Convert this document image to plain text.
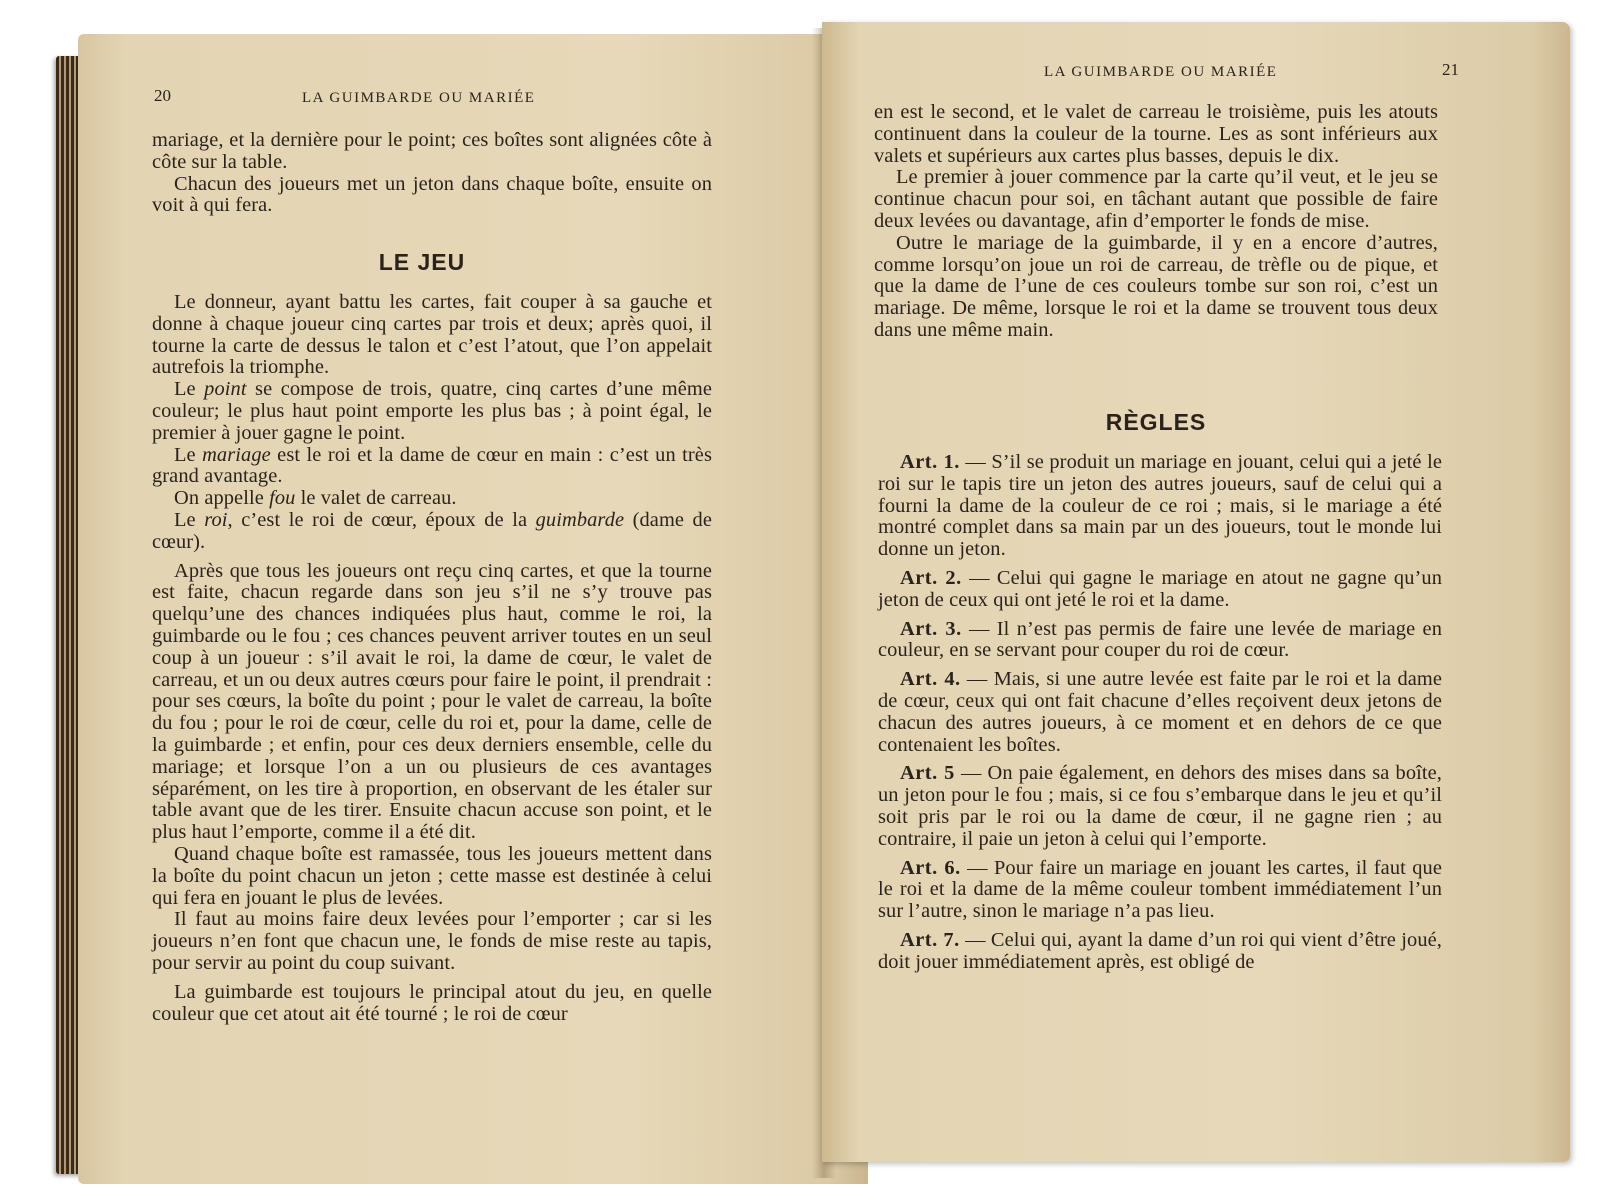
20	LA GUIMBARDE OU MARIÉE

mariage, et la dernière pour le point; ces boîtes sont alignées côte à côte sur la table.

Chacun des joueurs met un jeton dans chaque boîte, ensuite on voit à qui fera.

LE JEU

Le donneur, ayant battu les cartes, fait couper à sa gauche et donne à chaque joueur cinq cartes par trois et deux; après quoi, il tourne la carte de dessus le talon et c’est l’atout, que l’on appelait autrefois la triomphe.

Le point se compose de trois, quatre, cinq cartes d’une même couleur; le plus haut point emporte les plus bas ; à point égal, le premier à jouer gagne le point.

Le mariage est le roi et la dame de cœur en main : c’est un très grand avantage.

On appelle fou le valet de carreau.

Le roi, c’est le roi de cœur, époux de la guimbarde (dame de cœur).

Après que tous les joueurs ont reçu cinq cartes, et que la tourne est faite, chacun regarde dans son jeu s’il ne s’y trouve pas quelqu’une des chances indiquées plus haut, comme le roi, la guimbarde ou le fou ; ces chances peuvent arriver toutes en un seul coup à un joueur : s’il avait le roi, la dame de cœur, le valet de carreau, et un ou deux autres cœurs pour faire le point, il prendrait : pour ses cœurs, la boîte du point ; pour le valet de carreau, la boîte du fou ; pour le roi de cœur, celle du roi et, pour la dame, celle de la guimbarde ; et enfin, pour ces deux derniers ensemble, celle du mariage; et lorsque l’on a un ou plusieurs de ces avantages séparément, on les tire à proportion, en observant de les étaler sur table avant que de les tirer. Ensuite chacun accuse son point, et le plus haut l’emporte, comme il a été dit.

Quand chaque boîte est ramassée, tous les joueurs mettent dans la boîte du point chacun un jeton ; cette masse est destinée à celui qui fera en jouant le plus de levées.

Il faut au moins faire deux levées pour l’emporter ; car si les joueurs n’en font que chacun une, le fonds de mise reste au tapis, pour servir au point du coup suivant.

La guimbarde est toujours le principal atout du jeu, en quelle couleur que cet atout ait été tourné ; le roi de cœur

LA GUIMBARDE OU MARIÉE	21

en est le second, et le valet de carreau le troisième, puis les atouts continuent dans la couleur de la tourne. Les as sont inférieurs aux valets et supérieurs aux cartes plus basses, depuis le dix.

Le premier à jouer commence par la carte qu’il veut, et le jeu se continue chacun pour soi, en tâchant autant que possible de faire deux levées ou davantage, afin d’emporter le fonds de mise.

Outre le mariage de la guimbarde, il y en a encore d’autres, comme lorsqu’on joue un roi de carreau, de trèfle ou de pique, et que la dame de l’une de ces couleurs tombe sur son roi, c’est un mariage. De même, lorsque le roi et la dame se trouvent tous deux dans une même main.

RÈGLES

Art. 1. — S’il se produit un mariage en jouant, celui qui a jeté le roi sur le tapis tire un jeton des autres joueurs, sauf de celui qui a fourni la dame de la couleur de ce roi ; mais, si le mariage a été montré complet dans sa main par un des joueurs, tout le monde lui donne un jeton.

Art. 2. — Celui qui gagne le mariage en atout ne gagne qu’un jeton de ceux qui ont jeté le roi et la dame.

Art. 3. — Il n’est pas permis de faire une levée de mariage en couleur, en se servant pour couper du roi de cœur.

Art. 4. — Mais, si une autre levée est faite par le roi et la dame de cœur, ceux qui ont fait chacune d’elles reçoivent deux jetons de chacun des autres joueurs, à ce moment et en dehors de ce que contenaient les boîtes.

Art. 5 — On paie également, en dehors des mises dans sa boîte, un jeton pour le fou ; mais, si ce fou s’embarque dans le jeu et qu’il soit pris par le roi ou la dame de cœur, il ne gagne rien ; au contraire, il paie un jeton à celui qui l’emporte.

Art. 6. — Pour faire un mariage en jouant les cartes, il faut que le roi et la dame de la même couleur tombent immédiatement l’un sur l’autre, sinon le mariage n’a pas lieu.

Art. 7. — Celui qui, ayant la dame d’un roi qui vient d’être joué, doit jouer immédiatement après, est obligé de
